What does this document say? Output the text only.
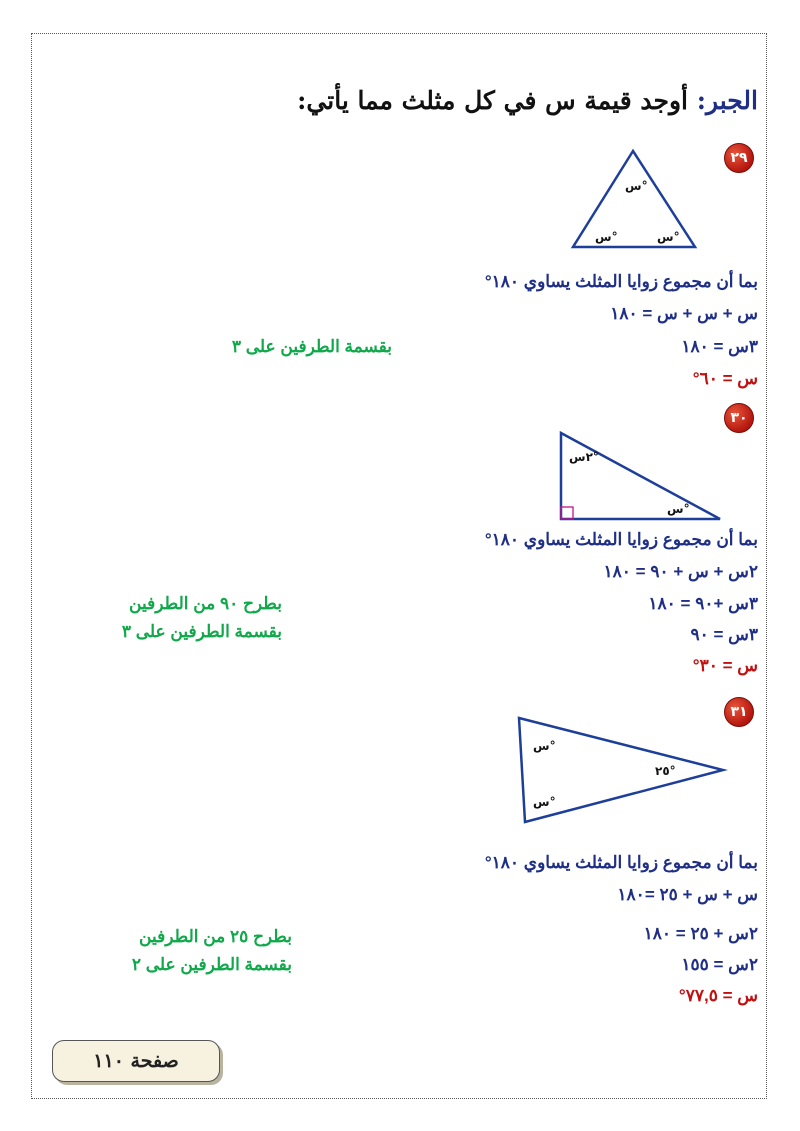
الجبر: أوجد قيمة س في كل مثلث مما يأتي:
٢٩
س°
س°	س°
بما أن مجموع زوايا المثلث يساوي ١٨٠°
س + س + س = ١٨٠
٣س = ١٨٠
س = ٦٠°
بقسمة الطرفين على ٣
٣٠
٢س°
س°
بما أن مجموع زوايا المثلث يساوي ١٨٠°
٢س + س + ٩٠ = ١٨٠
٣س +٩٠ = ١٨٠
٣س = ٩٠
س = ٣٠°
بطرح ٩٠ من الطرفين
بقسمة الطرفين على ٣
٣١
س°
٢٥°
س°
بما أن مجموع زوايا المثلث يساوي ١٨٠°
س + س + ٢٥ =١٨٠
٢س + ٢٥ = ١٨٠
٢س = ١٥٥
س = ٧٧,٥°
بطرح ٢٥ من الطرفين
بقسمة الطرفين على ٢
صفحة ١١٠
